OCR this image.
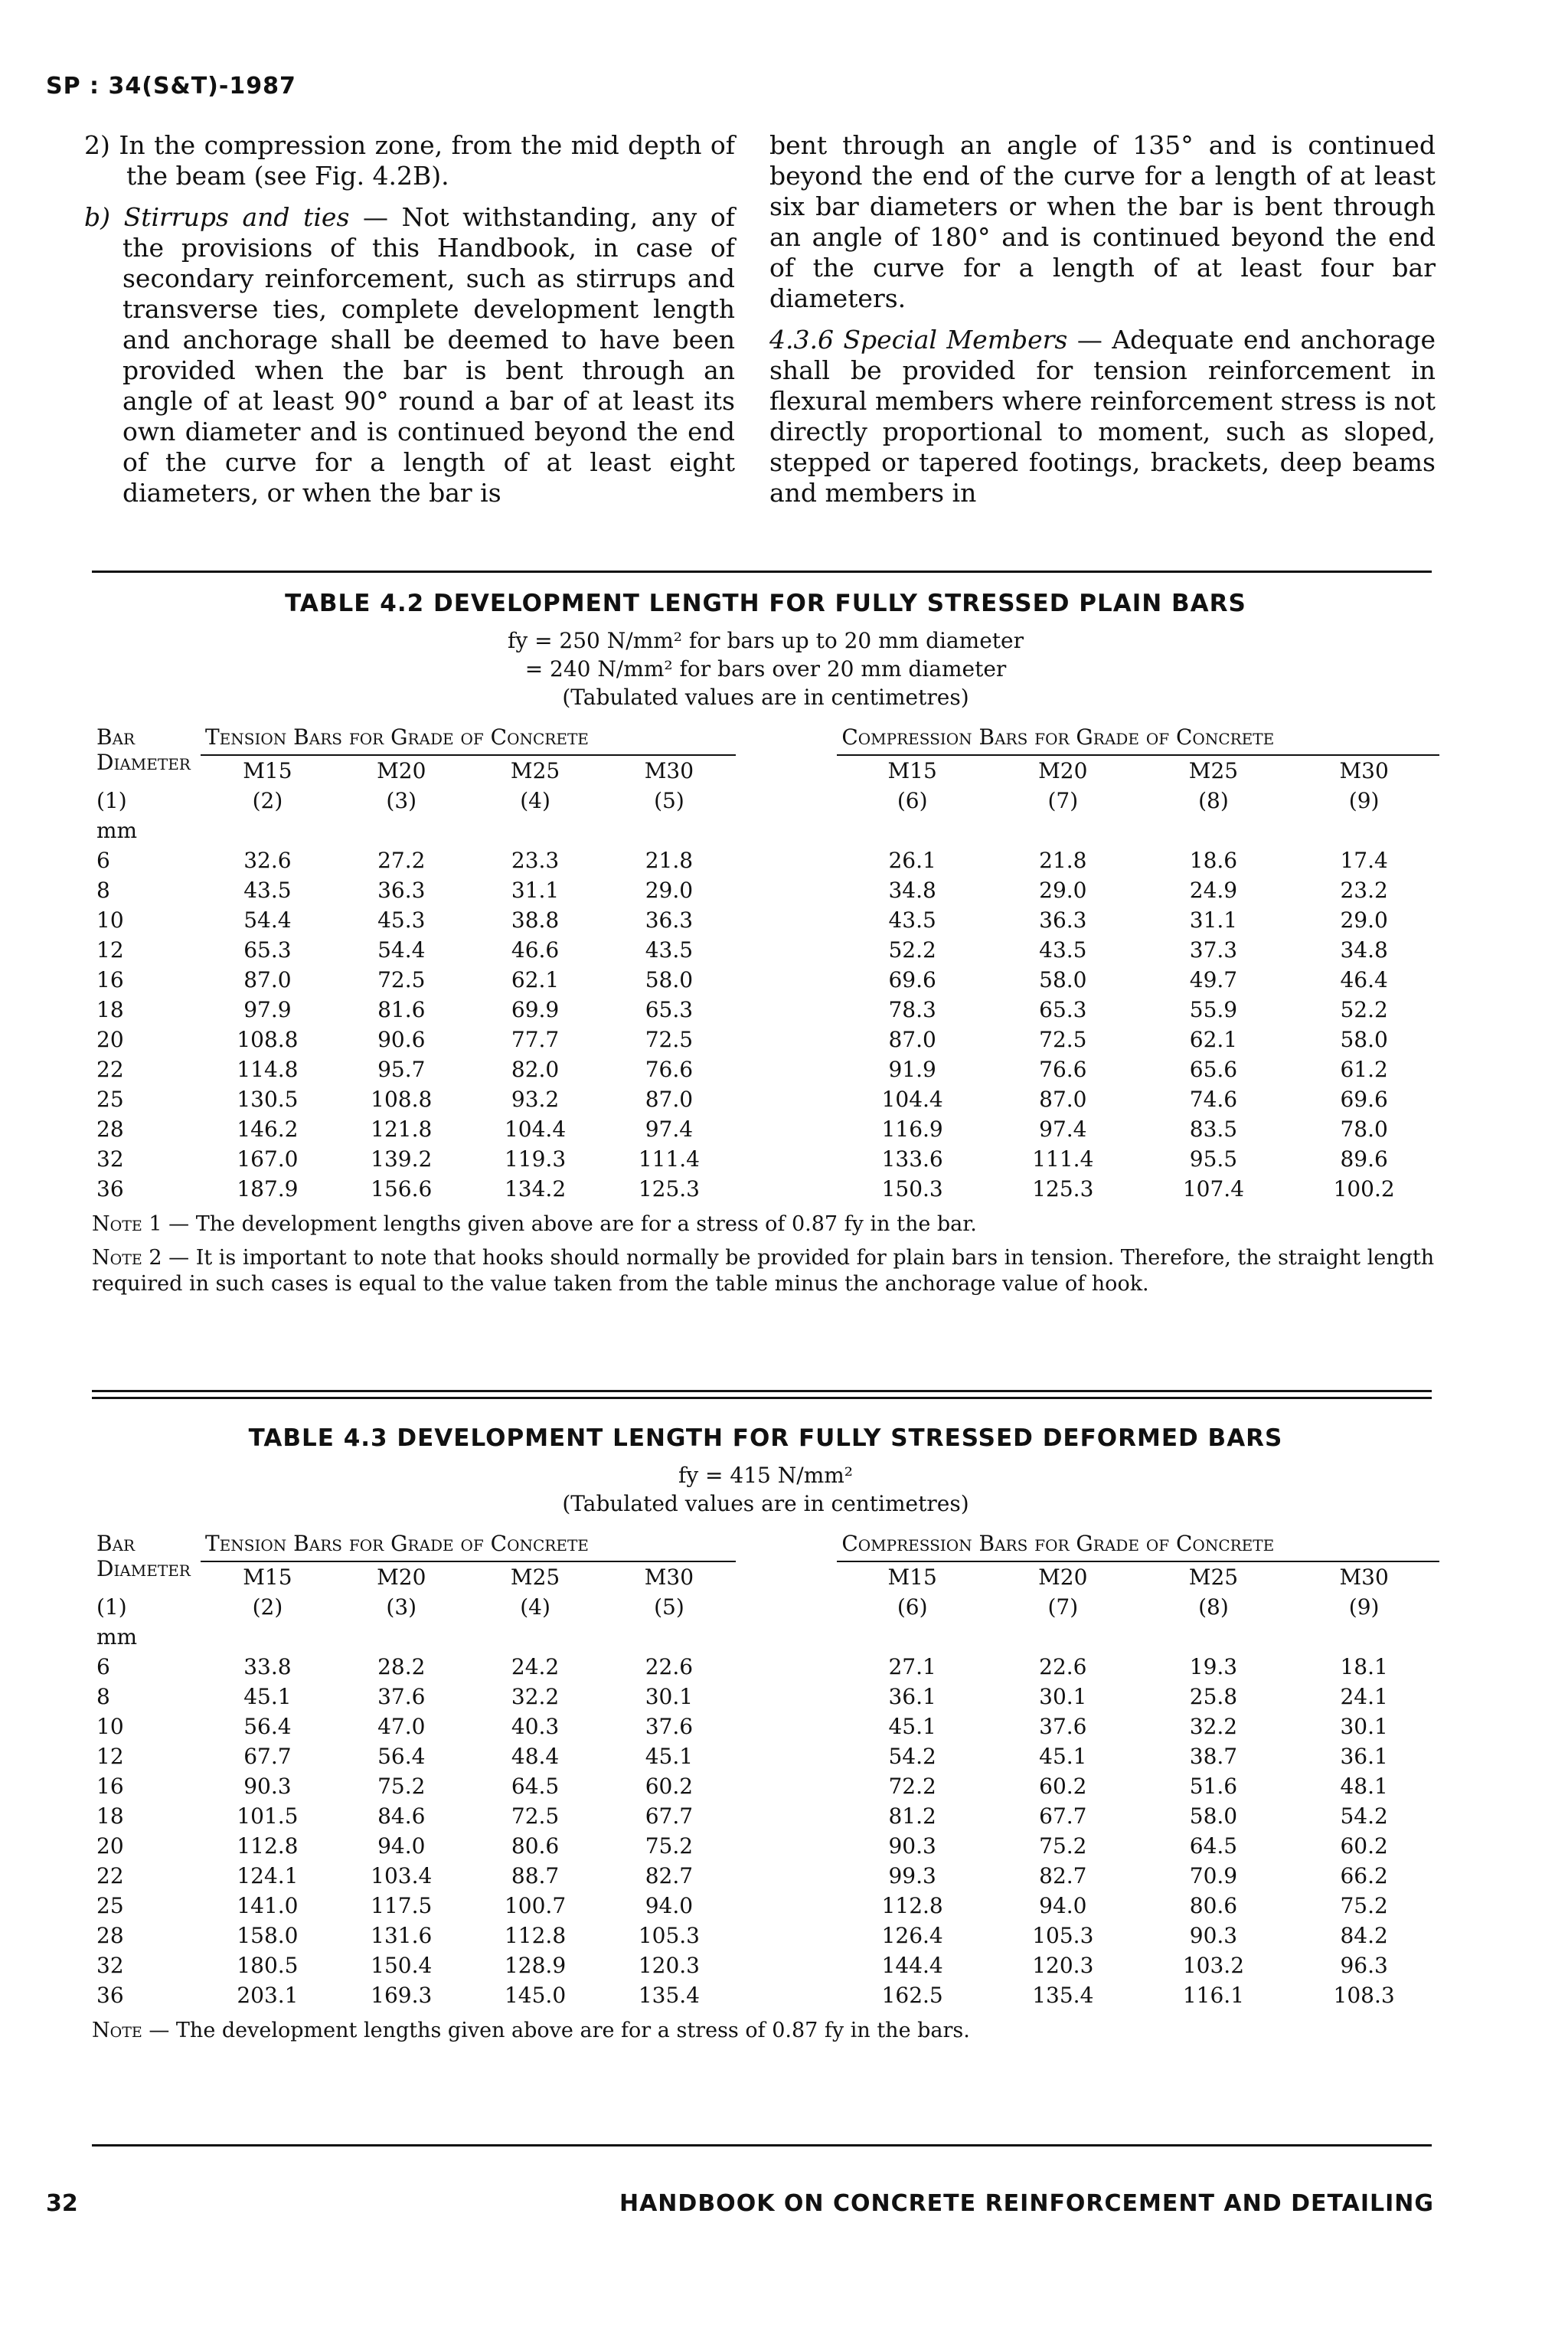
SP : 34(S&T)-1987

2) In the compression zone, from the mid depth of the beam (see Fig. 4.2B).

b) Stirrups and ties — Not withstanding, any of the provisions of this Handbook, in case of secondary reinforcement, such as stirrups and transverse ties, complete development length and anchorage shall be deemed to have been provided when the bar is bent through an angle of at least 90° round a bar of at least its own diameter and is continued beyond the end of the curve for a length of at least eight diameters, or when the bar is

bent through an angle of 135° and is continued beyond the end of the curve for a length of at least six bar diameters or when the bar is bent through an angle of 180° and is continued beyond the end of the curve for a length of at least four bar diameters.

4.3.6 Special Members — Adequate end anchorage shall be provided for tension reinforcement in flexural members where reinforcement stress is not directly proportional to moment, such as sloped, stepped or tapered footings, brackets, deep beams and members in

TABLE 4.2 DEVELOPMENT LENGTH FOR FULLY STRESSED PLAIN BARS
fy = 250 N/mm² for bars up to 20 mm diameter
= 240 N/mm² for bars over 20 mm diameter
(Tabulated values are in centimetres)
Bar Diameter	Tension Bars for Grade of Concrete					Compression Bars for Grade of Concrete			
	M15	M20	M25	M30		M15	M20	M25	M30
(1)	(2)	(3)	(4)	(5)		(6)	(7)	(8)	(9)
mm									
6	32.6	27.2	23.3	21.8		26.1	21.8	18.6	17.4
8	43.5	36.3	31.1	29.0		34.8	29.0	24.9	23.2
10	54.4	45.3	38.8	36.3		43.5	36.3	31.1	29.0
12	65.3	54.4	46.6	43.5		52.2	43.5	37.3	34.8
16	87.0	72.5	62.1	58.0		69.6	58.0	49.7	46.4
18	97.9	81.6	69.9	65.3		78.3	65.3	55.9	52.2
20	108.8	90.6	77.7	72.5		87.0	72.5	62.1	58.0
22	114.8	95.7	82.0	76.6		91.9	76.6	65.6	61.2
25	130.5	108.8	93.2	87.0		104.4	87.0	74.6	69.6
28	146.2	121.8	104.4	97.4		116.9	97.4	83.5	78.0
32	167.0	139.2	119.3	111.4		133.6	111.4	95.5	89.6
36	187.9	156.6	134.2	125.3		150.3	125.3	107.4	100.2

Note 1 — The development lengths given above are for a stress of 0.87 fy in the bar.

Note 2 — It is important to note that hooks should normally be provided for plain bars in tension. Therefore, the straight length required in such cases is equal to the value taken from the table minus the anchorage value of hook.

TABLE 4.3 DEVELOPMENT LENGTH FOR FULLY STRESSED DEFORMED BARS
fy = 415 N/mm²
(Tabulated values are in centimetres)
Bar Diameter	Tension Bars for Grade of Concrete					Compression Bars for Grade of Concrete			
	M15	M20	M25	M30		M15	M20	M25	M30
(1)	(2)	(3)	(4)	(5)		(6)	(7)	(8)	(9)
mm									
6	33.8	28.2	24.2	22.6		27.1	22.6	19.3	18.1
8	45.1	37.6	32.2	30.1		36.1	30.1	25.8	24.1
10	56.4	47.0	40.3	37.6		45.1	37.6	32.2	30.1
12	67.7	56.4	48.4	45.1		54.2	45.1	38.7	36.1
16	90.3	75.2	64.5	60.2		72.2	60.2	51.6	48.1
18	101.5	84.6	72.5	67.7		81.2	67.7	58.0	54.2
20	112.8	94.0	80.6	75.2		90.3	75.2	64.5	60.2
22	124.1	103.4	88.7	82.7		99.3	82.7	70.9	66.2
25	141.0	117.5	100.7	94.0		112.8	94.0	80.6	75.2
28	158.0	131.6	112.8	105.3		126.4	105.3	90.3	84.2
32	180.5	150.4	128.9	120.3		144.4	120.3	103.2	96.3
36	203.1	169.3	145.0	135.4		162.5	135.4	116.1	108.3

Note — The development lengths given above are for a stress of 0.87 fy in the bars.

32	HANDBOOK ON CONCRETE REINFORCEMENT AND DETAILING
